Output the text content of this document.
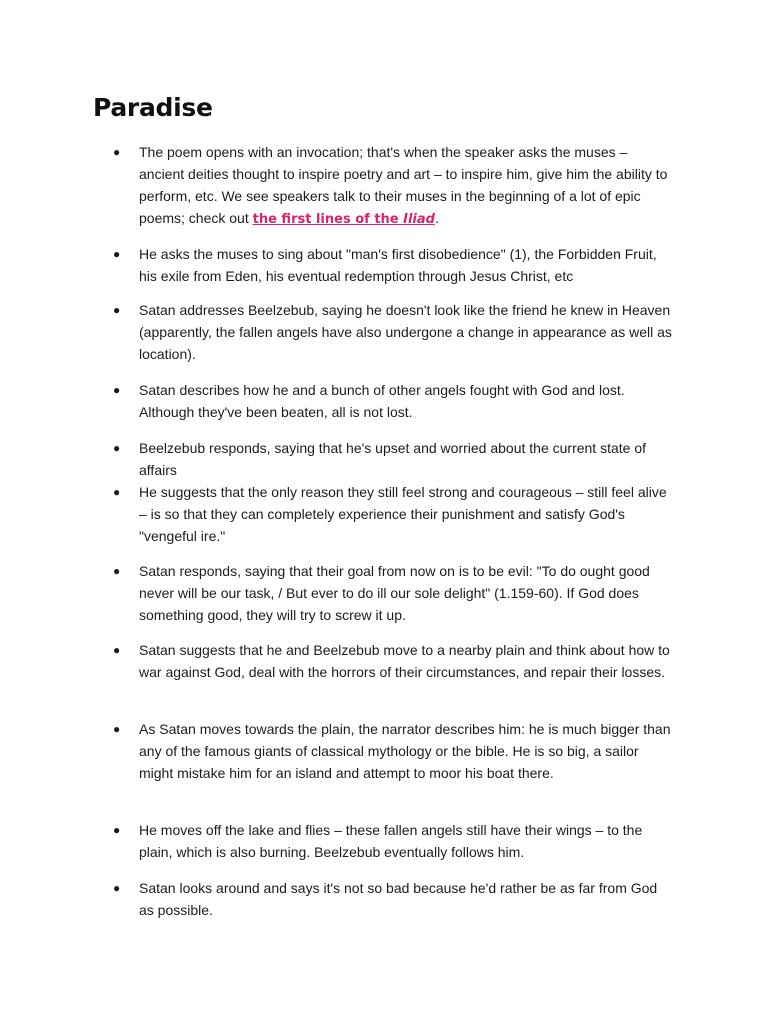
Paradise
●	The poem opens with an invocation; that's when the speaker asks the muses – ancient deities thought to inspire poetry and art – to inspire him, give him the ability to perform, etc. We see speakers talk to their muses in the beginning of a lot of epic poems; check out the first lines of the Iliad.
●	He asks the muses to sing about "man's first disobedience" (1), the Forbidden Fruit, his exile from Eden, his eventual redemption through Jesus Christ, etc
●	Satan addresses Beelzebub, saying he doesn't look like the friend he knew in Heaven (apparently, the fallen angels have also undergone a change in appearance as well as location).
●	Satan describes how he and a bunch of other angels fought with God and lost. Although they've been beaten, all is not lost.
●	Beelzebub responds, saying that he's upset and worried about the current state of affairs
●	He suggests that the only reason they still feel strong and courageous – still feel alive – is so that they can completely experience their punishment and satisfy God's "vengeful ire."
●	Satan responds, saying that their goal from now on is to be evil: "To do ought good never will be our task, / But ever to do ill our sole delight" (1.159-60). If God does something good, they will try to screw it up.
●	Satan suggests that he and Beelzebub move to a nearby plain and think about how to war against God, deal with the horrors of their circumstances, and repair their losses.
●	As Satan moves towards the plain, the narrator describes him: he is much bigger than any of the famous giants of classical mythology or the bible. He is so big, a sailor might mistake him for an island and attempt to moor his boat there.
●	He moves off the lake and flies – these fallen angels still have their wings – to the plain, which is also burning. Beelzebub eventually follows him.
●	Satan looks around and says it's not so bad because he'd rather be as far from God as possible.
